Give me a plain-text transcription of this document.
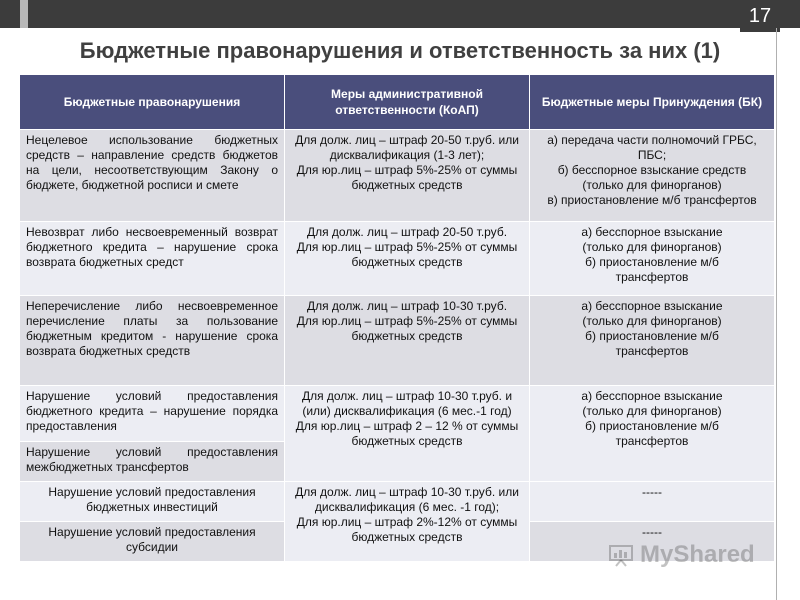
17
Бюджетные правонарушения и ответственность за них (1)
Бюджетные правонарушения	Меры административной ответственности (КоАП)	Бюджетные меры Принуждения (БК)

Нецелевое использование бюджетных средств – направление средств бюджетов на цели, несоответствующим Закону о бюджете, бюджетной росписи и смете	Для долж. лиц – штраф 20-50 т.руб. или дисквалификация (1-3 лет);
Для юр.лиц – штраф 5%-25% от суммы бюджетных средств	а) передача части полномочий ГРБС, ПБС;
б) бесспорное взыскание средств (только для финорганов)
в) приостановление м/б трансфертов

Невозврат либо несвоевременный возврат бюджетного кредита – нарушение срока возврата бюджетных средст	Для долж. лиц – штраф 20-50 т.руб.
Для юр.лиц – штраф 5%-25% от суммы бюджетных средств	а) бесспорное взыскание
(только для финорганов)
б) приостановление м/б
трансфертов

Неперечисление либо несвоевременное перечисление платы за пользование бюджетным кредитом - нарушение срока возврата бюджетных средств	Для долж. лиц – штраф 10-30 т.руб.
Для юр.лиц – штраф 5%-25% от суммы бюджетных средств	а) бесспорное взыскание
(только для финорганов)
б) приостановление м/б
трансфертов

Нарушение условий предоставления бюджетного кредита – нарушение порядка предоставления	Для долж. лиц – штраф 10-30 т.руб. и (или) дисквалификация (6 мес.-1 год)
Для юр.лиц – штраф 2 – 12 % от суммы бюджетных средств	а) бесспорное взыскание
(только для финорганов)
б) приостановление м/б
трансфертов

Нарушение условий предоставления межбюджетных трансфертов		

Нарушение условий предоставления бюджетных инвестиций	Для долж. лиц – штраф 10-30 т.руб. или дисквалификация (6 мес. -1 год);
Для юр.лиц – штраф 2%-12% от суммы бюджетных средств	-----

Нарушение условий предоставления субсидии		-----
MyShared
